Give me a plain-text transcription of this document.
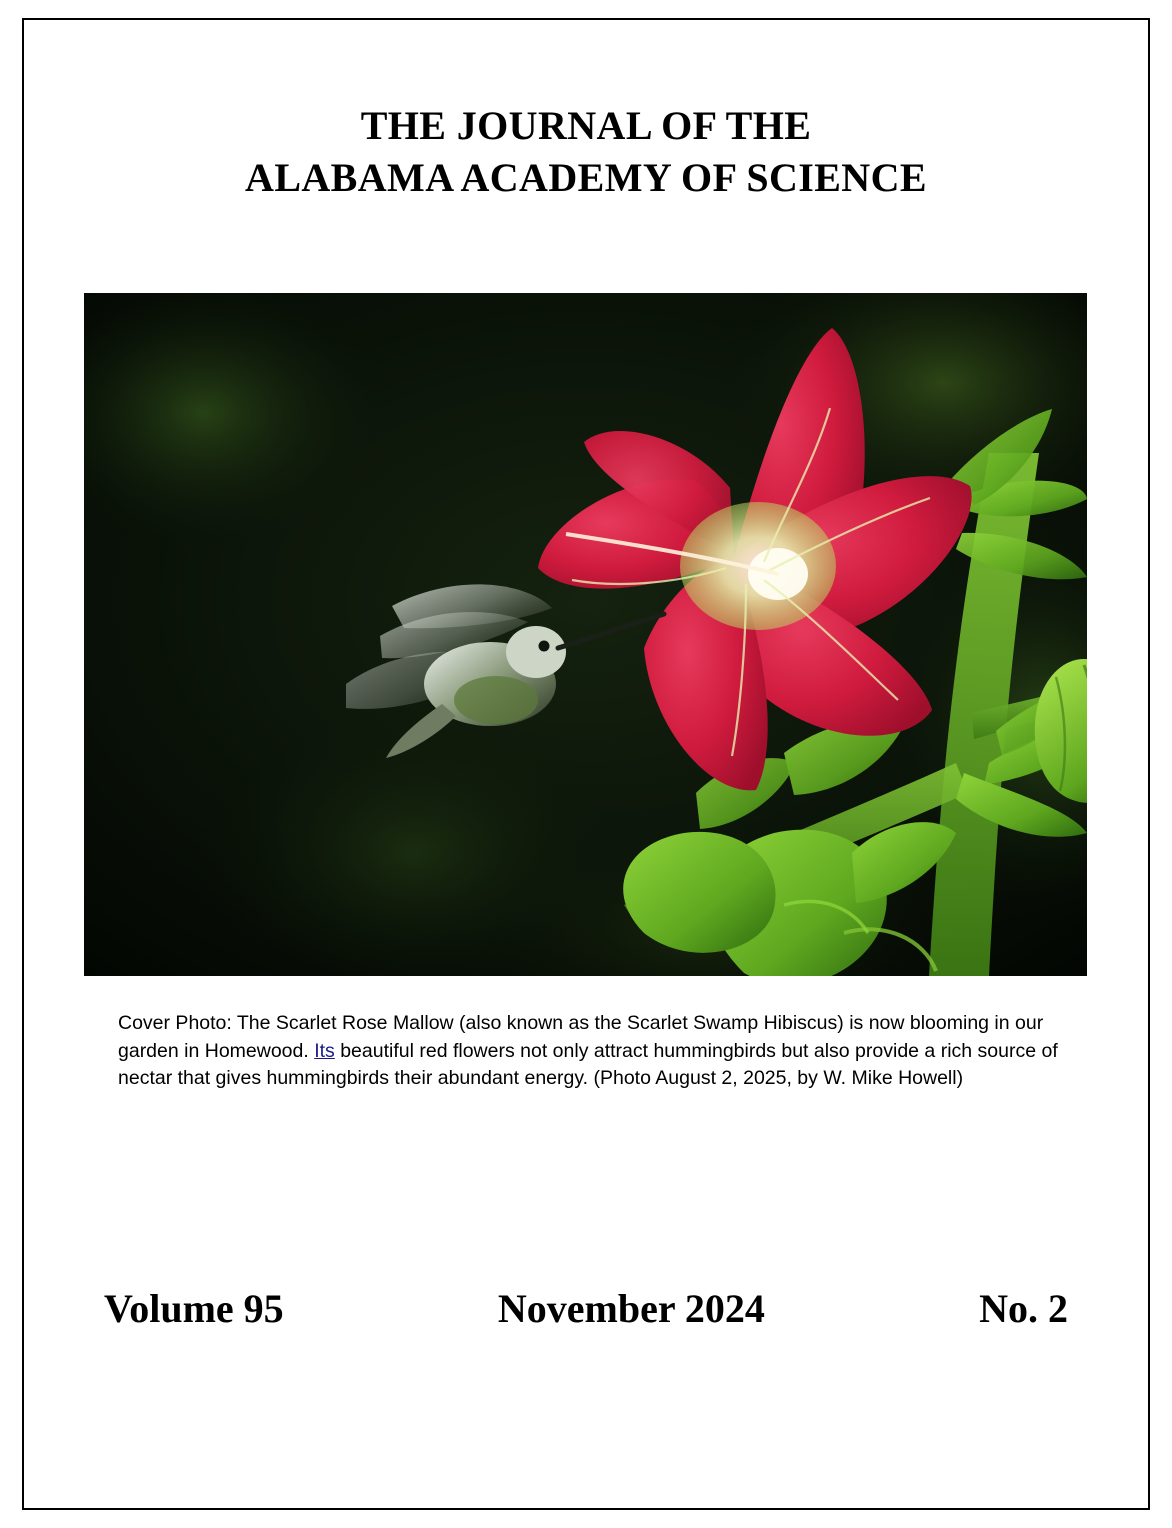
THE JOURNAL OF THE
ALABAMA ACADEMY OF SCIENCE
Cover Photo: The Scarlet Rose Mallow (also known as the Scarlet Swamp Hibiscus) is now blooming in our garden in Homewood. Its beautiful red flowers not only attract hummingbirds but also provide a rich source of nectar that gives hummingbirds their abundant energy. (Photo August 2, 2025, by W. Mike Howell)
Volume 95	November 2024	No. 2
